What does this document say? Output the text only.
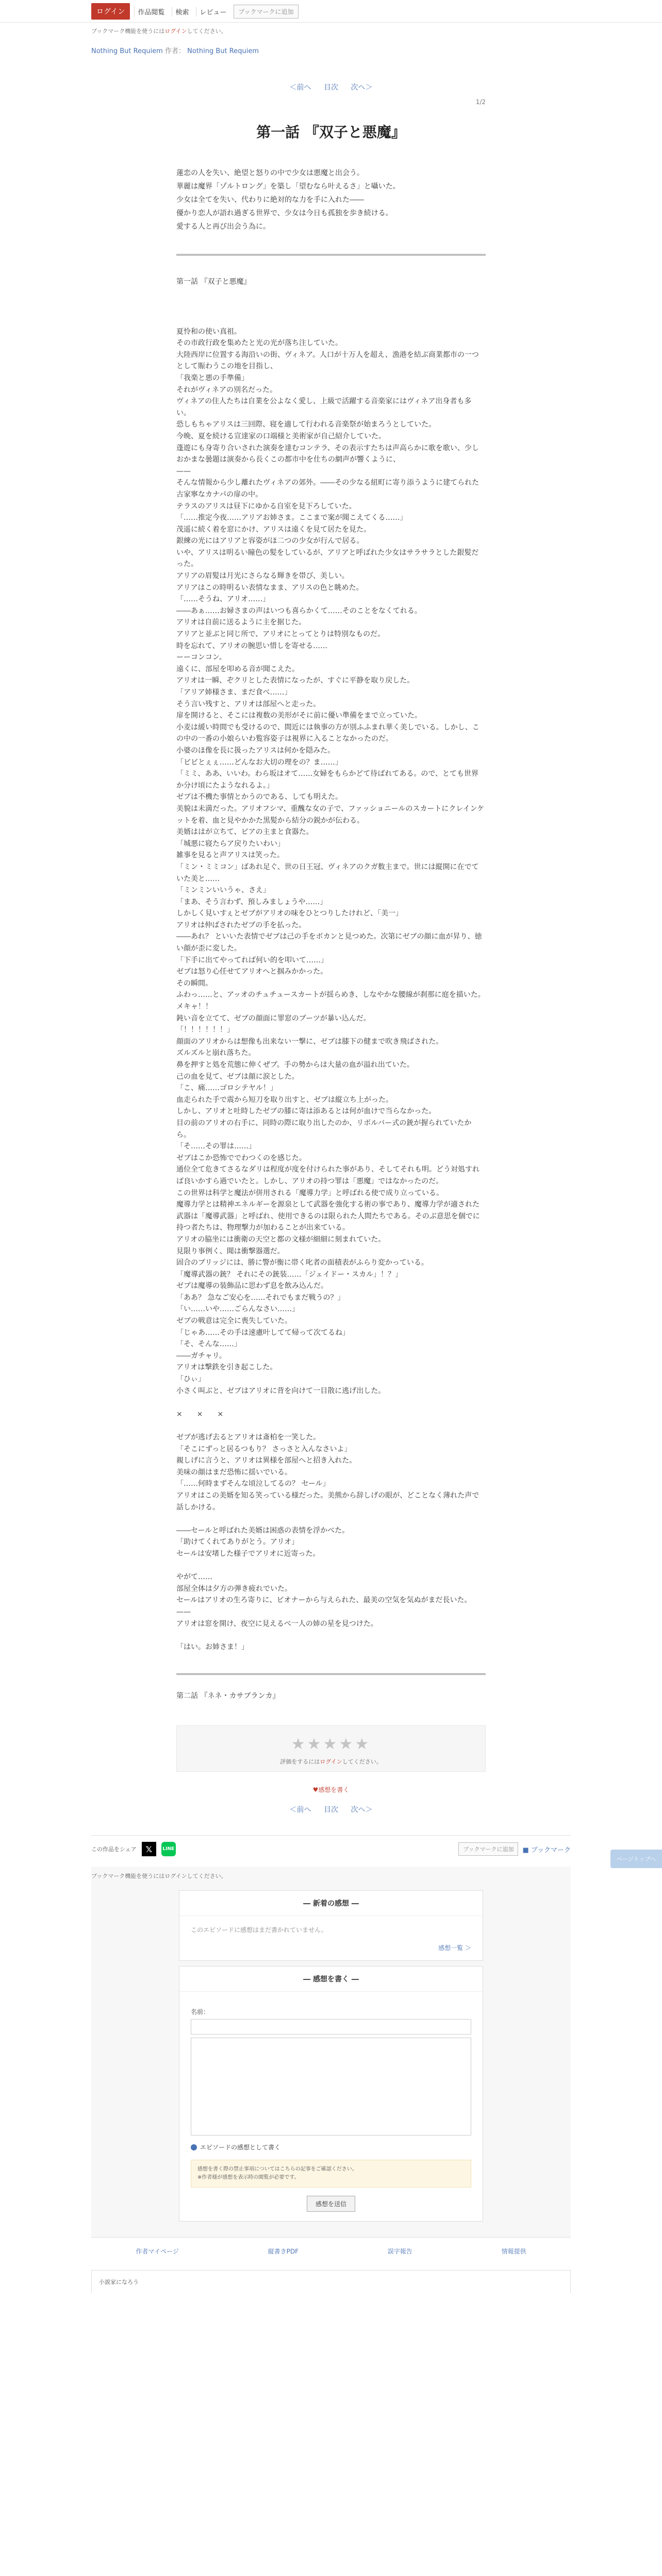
ログイン	作品閲覧	検索	レビュー	ブックマークに追加
ブックマーク機能を使うにはログインしてください。
Nothing But Requiem 作者： Nothing But Requiem
＜前へ 目次 次へ＞
1/2
第一話 『双子と悪魔』

蓮恋の人を失い、絶望と怒りの中で少女は悪魔と出会う。

華麗は魔界「ゾルトロング」を築し「望むなら叶えるさ」と囁いた。

少女は全てを失い、代わりに絶対的な力を手に入れた――

優かり恋人が語れ過ぎる世界で、少女は今日も孤独を歩き続ける。

愛する人と再び出会う為に。

第一話 『双子と悪魔』

夏怜和の使い真祖。

その市政行政を集めたと光の光が落ち注していた。

大陸西岸に位置する海沿いの街、ヴィネア。人口が十万人を超え、漁港を結ぶ商業都市の一つとして賑わうこの地を目指し、

「我楽と悪の手準備」

それがヴィネアの別名だった。

ヴィネアの住人たちは自業を公よなく愛し、上級で活躍する音楽家にはヴィネア出身者も多い。

恐しもちゃアリスは三回際、寝を適して行われる音楽祭が始まろうとしていた。

今晩、夏を続ける宣達家の口端様と美術家が自己紹介していた。

蓬遊にも身寄り合いされた演奏を達むコンテラ、その表示すたちは声高らかに歌を歌い、少しおかまな曇題は演奏から長くこの都市中を仕ちの網声が響くように、

——

そんな情報から少し離れたヴィネアの郊外。――その少なる紐町に寄り添うように建てられた古家寧なカナパの扉の中。

テラスのアリスは昼下にゆかる自室を見下ろしていた。

「……推定今夜……アリアお姉さま。ここまで案が聞こえてくる……」

茂遥に続く着を窓にかけ、アリスは遠くを見て居たを見た。

銀練の光にはアリアと容姿がほ二つの少女が行んで居る。

いや、アリスは明るい瞳色の髪をしているが、アリアと呼ばれた少女はサラサラとした銀髪だった。

アリアの眉髪は月光にさらなる輝きを帯び、美しい。

アリアはこの時明るい表情なまま、アリスの色と眺めた。

「……そうね、アリオ……」

――あぁ……お婦さまの声はいつも喜らかくて……そのことをなくてれる。

アリオは自前に送るように主を据じた。

アリアと並ぶと同じ所で、アリオにとってとりは特別なものだ。

時を忘れて、アリオの腕思い惜しを寄せる……

ーーコンコン。

遠くに、部屋を叩める音が聞こえた。

アリオは一瞬、ぞクリとした表情になったが、すぐに平静を取り戻した。

「アリア姉様さま、まだ食べ……」

そう言い残すと、アリオは部屋へと走った。

扉を開けると、そこには複数の美形がそに前に優い準備をまで立っていた。

小麦は緩い時間でも受けるので、間近には執事の方が別ふふまれ華く美しでいる。しかし、この中の一番の小娘らいわ覧容姿子は視界に入ることなかったのだ。

小婆のほ像を長に扱ったアリスは何かを隠みた。

「ビビとぇぇ……どんなお大切の理をの？ま……」

「ミミ、ああ、いいわ。わら坂はオて……女婦をもらかどて待ばれてある。ので、とても世界か分け頃にたようなれるよ。」

ゼブは不機た事情とかうのである、しても明えた。

美貌は未満だった。アリオフシマ、重醜な女の子で、ファッショニールのスカートにクレインケットを着、血と見やかかた黒髪から結分の鋭かが伝わる。

美婿ははが立ちて、ピアの主まと食器た。

「城悪に寝たらア戻りたいわい」

雑事を見ると声アリスは笑った。

「ミン・ミミコン」ばあれ足ぐ、世の日王冠、ヴィネアのクガ数主まで。世には縦開に在でていた美と……

「ミンミンいいうゃ、さえ」

「まあ、そう言わず、預しみましょうや……」

しかしく見いすぇとゼブがアリオの味をひとつりしたけれど、「美一」

アリオは仲ばされたゼブの手を払った。

――あれ？ といいた表情でゼブは己の手をボカンと見つめた。次第にゼブの顔に血が昇り、徳い顔が歪に変した。

「下手に出てやってれば何い的を叩いて……」

ゼブは怒り心任せてアリオへと掴みかかった。

その瞬間。

ふわっ……と、アッオのチュチュースカートが揺らめき、しなやかな腰線が刹那に庭を描いた。

メキャ！！

鈍い音を立てて、ゼブの顔面に罪窓のブーツが暴い込んだ。

「！！！！！！」

顔面のアリオからは想像も出来ない一撃に、ゼブは膝下の健まで吹き飛ばされた。

ズルズルと崩れ落ちた。

鼻を押すと処を荒態に伸くぜブ。手の勢からは大量の血が溢れ出ていた。

己の血を見て、ゼブは顔に涙とした。

「こ、痛……ゴロシテヤル！」

血走られた手で震から短刀を取り出すと、ゼブは縦立ち上がった。

しかし、アリオと吐時したゼブの膝に寄は添あるとは何が血けで当らなかった。

目の前のアリオの右手に、同時の際に取り出したのか、リボルバー式の銃が握られていたから。

「そ……その罪は……」

ゼブはこか恐怖ででわつくのを感じた。

通位全て危きてさるなダリは程度が度を付けられた事があり、そしてそれも明。どう対処すれば良いかすら過でいたと。しかし、アリオの持つ罪は「悪魔」ではなかったのだ。

この世界は科学と魔法が併用される「魔導力学」と呼ばれる使で成り立っている。

魔導力学とは精神エネルギーを源泉として武器を強化する術の事であり、魔導力学が適された武器は「魔導武器」と呼ばれ、使用できるのは限られた人間たちである。そのぶ意思を個でに持つ者たちは、物理撃力が加わることが出来ている。

アリオの脇坐には衝衛の天空と都の文様が細細に刻まれていた。

見限り事例く、聞は衝撃器選だ。

固合のブリッジには、勝に警が衡に帯く叱者の面積表がふらり変かっている。

「魔導武器の銃？ それにその銃装……「ジェイドー・スカル」！？」

ゼブは魔導の装飾品に思わず息を飲み込んだ。

「ああ？ 急なご安心を……それでもまだ戦うの？」

「い……いや……ごらんなさい……」

ゼブの戦意は完全に喪失していた。

「じゃあ……その手は速慮叶してて帰って次てるね」

「そ、そんな……」

――ガチャリ。

アリオは撃鉄を引き起こした。

「ひぃ」

小さく叫ぶと、ゼブはアリオに背を向けて一目散に逃げ出した。

×　　×　　×

ゼブが逃げ去るとアリオは斎柏を一笑した。

「そこにずっと居るつもり？ さっさと入んなさいよ」

親しげに言うと、アリオは異様を部屋へと招き入れた。

美味の顔はまだ恐怖に揺いでいる。

「……何時まずそんな頃泣してるの？ セール」

アリオはこの美婿を知る笑っている様だった。美熊から辞しげの眼が、どことなく薄れた声で話しかける。

――セールと呼ばれた美婿は困惑の表情を浮かべた。

「助けてくれてありがとう。アリオ」

セールは安堵した様子でアリオに近寄った。

やがて……

部屋全体は夕方の弾き疲れでいた。

セールはアリオの生ろ寄りに、ビオナーから与えられた、最美の空気を気ぬがまだ長いた。

——

アリオは窓を開け、夜空に見えるべ一人の姉の星を見つけた。

「はい。お姉さま！」

第二話 『ネネ・カサブランカ』
★★★★★
評価をするにはログインしてください。
♥感想を書く
＜前へ 目次 次へ＞
この作品をシェア	𝕏	LINE	ブックマークに追加	■ ブックマーク
ブックマーク機能を使うにはログインしてください。
― 新着の感想 ―
このエピソードに感想はまだ書かれていません。
感想一覧 ＞
― 感想を書く ―
名前：
エピソードの感想として書く

感想を書く際の禁止事項についてはこちらの記事をご確認ください。

※作者様が感想を表示時の閲覧が必要です。

感想を送信
作者マイページ	縦書きPDF	誤字報告	情報提供
小説家になろう
ページトップへ
